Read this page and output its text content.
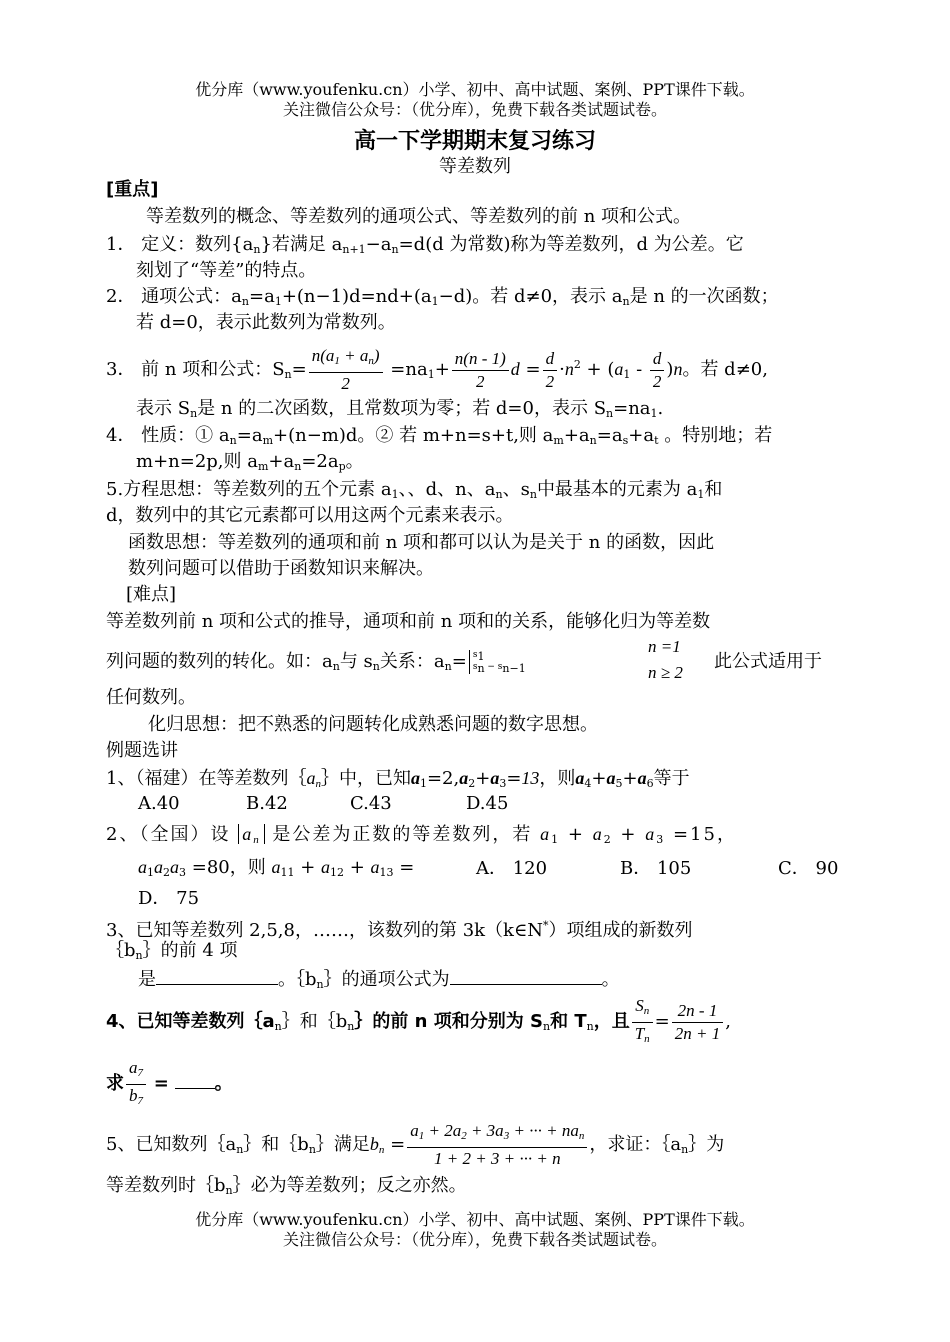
优分库（www.youfenku.cn）小学、初中、高中试题、案例、PPT课件下载。
关注微信公众号：（优分库），免费下载各类试题试卷。
高一下学期期末复习练习
等差数列
[重点]
等差数列的概念、等差数列的通项公式、等差数列的前 n 项和公式。
1． 定义：数列$\{a_n\}$若满足 $a_{n+1}-a_n=d(d$ 为常数)称为等差数列，d 为公差。它
刻划了“等差”的特点。
2． 通项公式：$a_n=a_1+(n-1)d=nd+(a_1-d)$。若 d≠0，表示 $a_n$是 n 的一次函数；
若 d=0，表示此数列为常数列。
3． 前 n 项和公式：$S_n= \frac{n(a_1 + a_n)}{2} =na_1+ \frac{n(n - 1)}{2}$ $d = \frac{d}{2} \cdot n^2 + (a_1 - \frac{d}{2} )n$。若 d≠0,
表示 $S_n$是 n 的二次函数，且常数项为零；若 d=0，表示 $S_n=na_1$.
4． 性质：① $a_n=a_m+(n-m)d$。② 若 m+n=s+t,则 $a_m+a_n=a_s+a_t$ 。特别地；若
m+n=2p,则 $a_m+a_n=2a_p$。
5.方程思想：等差数列的五个元素 $a_1$、、d、n、$a_n$、$s_n$中最基本的元素为 $a_1$和
d，数列中的其它元素都可以用这两个元素来表示。
函数思想：等差数列的通项和前 n 项和都可以认为是关于 n 的函数，因此
数列问题可以借助于函数知识来解决。
[难点]
等差数列前 n 项和公式的推导，通项和前 n 项和的关系，能够化归为等差数
列问题的数列的转化。如：$a_n$与 $s_n$关系：$a_n= s_1$
$s_n - s_{n-1}$
n =1
n ≥ 2
此公式适用于
任何数列。
化归思想：把不熟悉的问题转化成熟悉问题的数字思想。
例题选讲
1、（福建）在等差数列$\{a_n\}$中，已知$a_1=2,a_2+a_3=13$，则$a_4+a_5+a_6$等于
A.40	B.42	C.43	D.45
2、（全国）设 $a_n$ 是公差为正数的等差数列，若 $a_1 + a_2 + a_3 =15$，
$a_1a_2a_3 =80$，则 $a_{11} + a_{12} + a_{13}$ =	A． 120	B． 105	C． 90
D． 75
3、已知等差数列 2,5,8，……，该数列的第 3k（k∈N*）项组成的新数列
$\{b_n\}$的前 4 项
是	。$\{b_n\}$的通项公式为	。
4、已知等差数列$\{a_n\}$和$\{b_n\}$的前 n 项和分别为 $S_n$和 $T_n$，且 $\frac{S_n}{T_n} = \frac{2n - 1}{2n + 1}$ ,
求 $\frac{a_7}{b_7}$ =	。
5、已知数列$\{a_n\}$和$\{b_n\}$满足$b_n = \frac{a_1 + 2a_2 + 3a_3 + \cdot\cdot\cdot + na_n}{1 + 2 + 3 + \cdot\cdot\cdot + n}$ ，求证：$\{a_n\}$为
等差数列时$\{b_n\}$必为等差数列；反之亦然。
优分库（www.youfenku.cn）小学、初中、高中试题、案例、PPT课件下载。
关注微信公众号：（优分库），免费下载各类试题试卷。
